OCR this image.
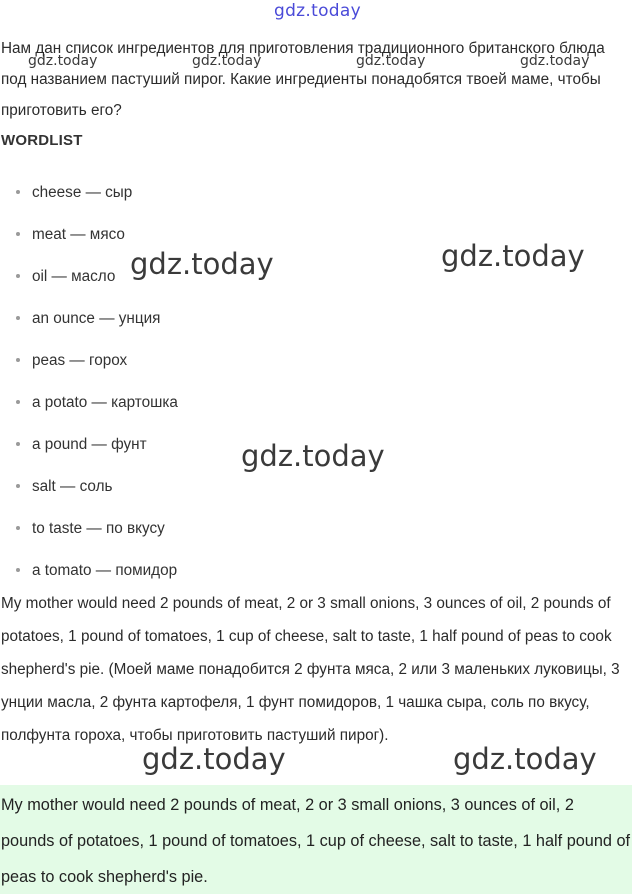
gdz.today
gdz.today	gdz.today	gdz.today	gdz.today

Нам дан список ингредиентов для приготовления традиционного британского блюда под названием пастуший пирог. Какие ингредиенты понадобятся твоей маме, чтобы приготовить его?

WORDLIST
cheese — сыр
meat — мясо
oil — масло
an ounce — унция
peas — горох
a potato — картошка
a pound — фунт
salt — соль
to taste — по вкусу
a tomato — помидор

My mother would need 2 pounds of meat, 2 or 3 small onions, 3 ounces of oil, 2 pounds of potatoes, 1 pound of tomatoes, 1 cup of cheese, salt to taste, 1 half pound of peas to cook shepherd's pie. (Моей маме понадобится 2 фунта мяса, 2 или 3 маленьких луковицы, 3 унции масла, 2 фунта картофеля, 1 фунт помидоров, 1 чашка сыра, соль по вкусу, полфунта гороха, чтобы приготовить пастуший пирог).

My mother would need 2 pounds of meat, 2 or 3 small onions, 3 ounces of oil, 2 pounds of potatoes, 1 pound of tomatoes, 1 cup of cheese, salt to taste, 1 half pound of peas to cook shepherd's pie.

gdz.today	gdz.today
gdz.today
gdz.today	gdz.today
